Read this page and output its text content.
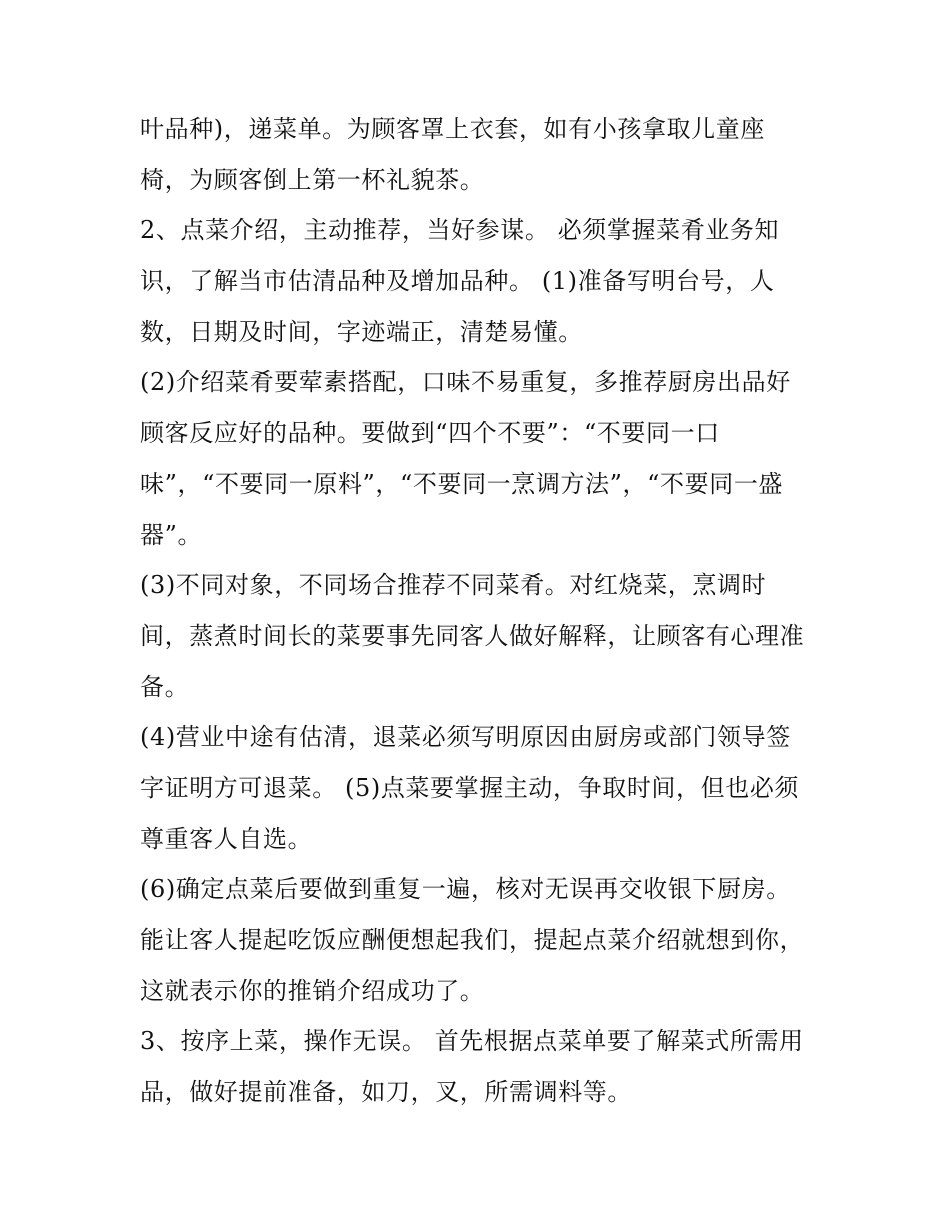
叶品种)，递菜单。为顾客罩上衣套，如有小孩拿取儿童座
椅，为顾客倒上第一杯礼貌茶。
2、点菜介绍，主动推荐，当好参谋。 必须掌握菜肴业务知
识，了解当市估清品种及增加品种。 (1)准备写明台号，人
数，日期及时间，字迹端正，清楚易懂。
(2)介绍菜肴要荤素搭配，口味不易重复，多推荐厨房出品好
顾客反应好的品种。要做到“四个不要”：“不要同一口
味”，“不要同一原料”，“不要同一烹调方法”，“不要同一盛
器”。
(3)不同对象，不同场合推荐不同菜肴。对红烧菜，烹调时
间，蒸煮时间长的菜要事先同客人做好解释，让顾客有心理准
备。
(4)营业中途有估清，退菜必须写明原因由厨房或部门领导签
字证明方可退菜。 (5)点菜要掌握主动，争取时间，但也必须
尊重客人自选。
(6)确定点菜后要做到重复一遍，核对无误再交收银下厨房。
能让客人提起吃饭应酬便想起我们，提起点菜介绍就想到你，
这就表示你的推销介绍成功了。
3、按序上菜，操作无误。 首先根据点菜单要了解菜式所需用
品，做好提前准备，如刀，叉，所需调料等。
